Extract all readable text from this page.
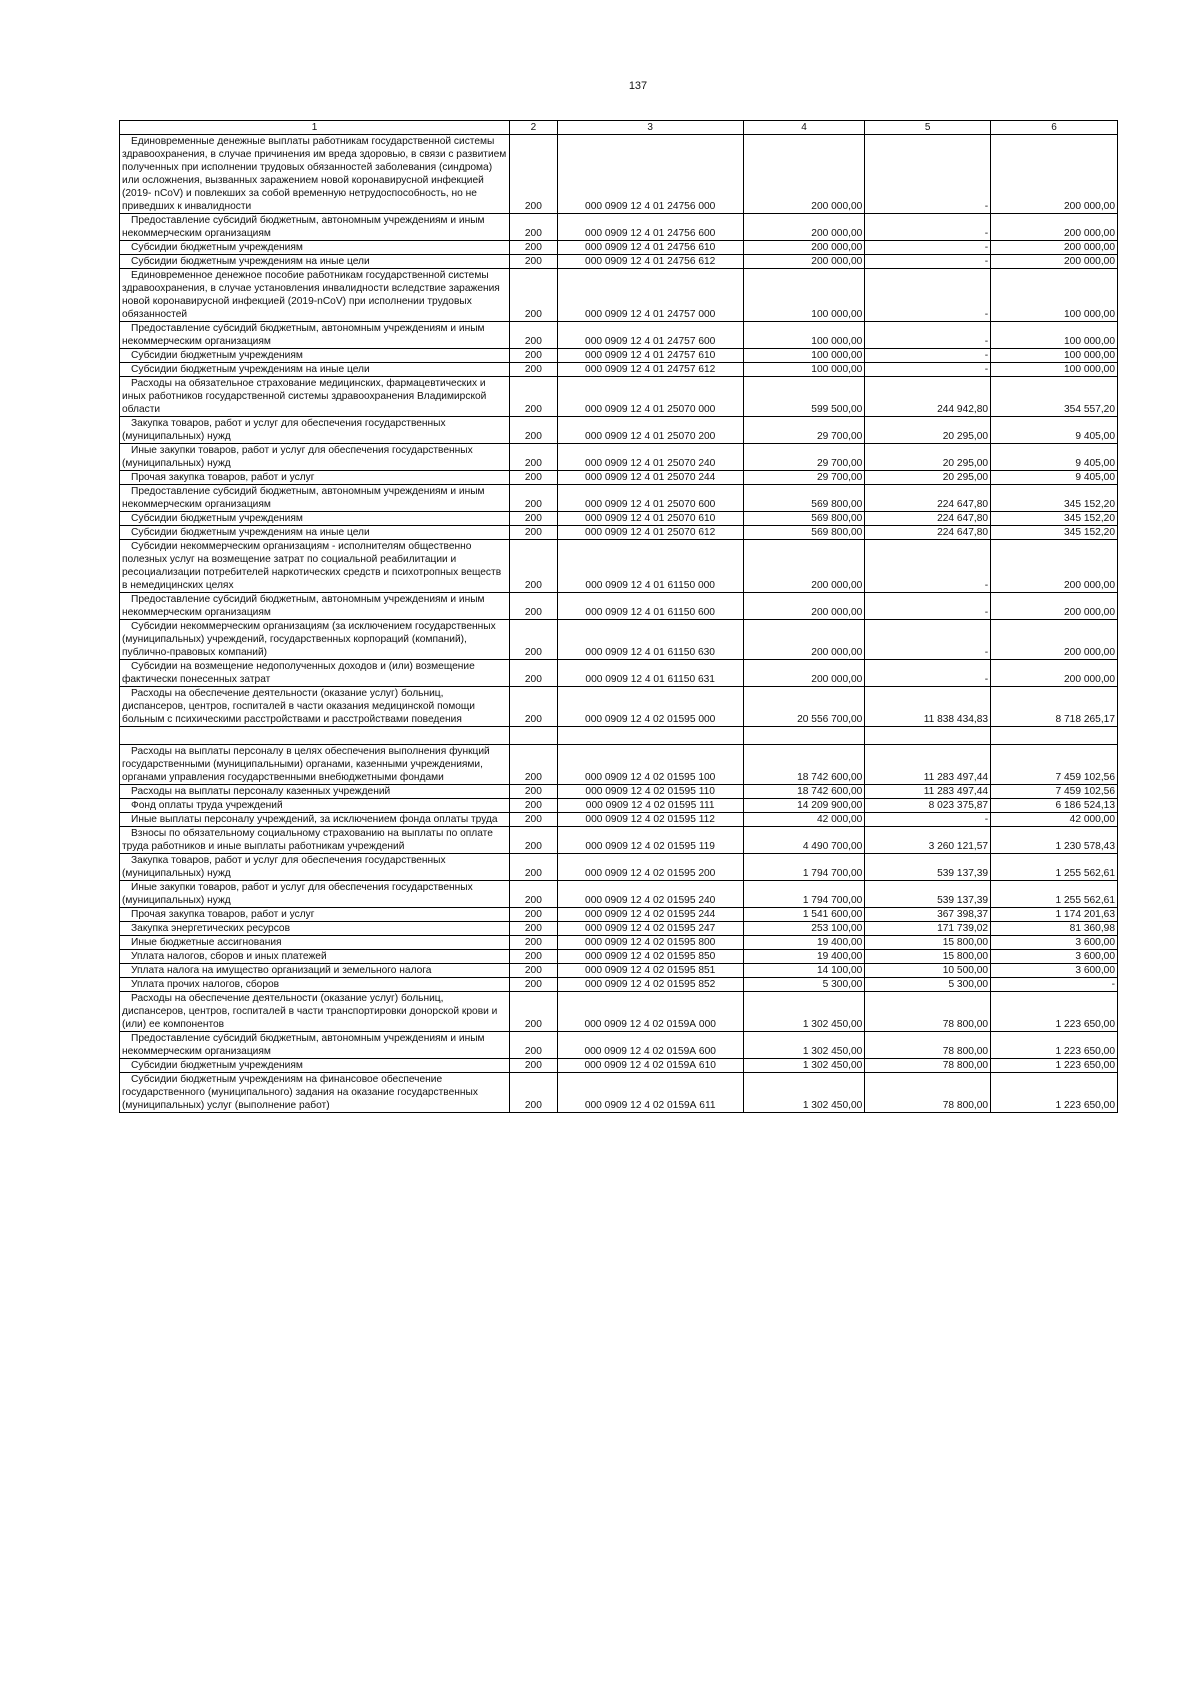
137
1	2	3	4	5	6
Единовременные денежные выплаты работникам государственной системы здравоохранения, в случае причинения им вреда здоровью, в связи с развитием полученных при исполнении трудовых обязанностей заболевания (синдрома) или осложнения, вызванных заражением новой коронавирусной инфекцией (2019- nCoV) и повлекших за собой временную нетрудоспособность, но не приведших к инвалидности	200	000 0909 12 4 01 24756 000	200 000,00	-	200 000,00
Предоставление субсидий бюджетным, автономным учреждениям и иным некоммерческим организациям	200	000 0909 12 4 01 24756 600	200 000,00	-	200 000,00
Субсидии бюджетным учреждениям	200	000 0909 12 4 01 24756 610	200 000,00	-	200 000,00
Субсидии бюджетным учреждениям на иные цели	200	000 0909 12 4 01 24756 612	200 000,00	-	200 000,00
Единовременное денежное пособие работникам государственной системы здравоохранения, в случае установления инвалидности вследствие заражения новой коронавирусной инфекцией (2019-nCoV) при исполнении трудовых обязанностей	200	000 0909 12 4 01 24757 000	100 000,00	-	100 000,00
Предоставление субсидий бюджетным, автономным учреждениям и иным некоммерческим организациям	200	000 0909 12 4 01 24757 600	100 000,00	-	100 000,00
Субсидии бюджетным учреждениям	200	000 0909 12 4 01 24757 610	100 000,00	-	100 000,00
Субсидии бюджетным учреждениям на иные цели	200	000 0909 12 4 01 24757 612	100 000,00	-	100 000,00
Расходы на обязательное страхование медицинских, фармацевтических и иных работников государственной системы здравоохранения Владимирской области	200	000 0909 12 4 01 25070 000	599 500,00	244 942,80	354 557,20
Закупка товаров, работ и услуг для обеспечения государственных (муниципальных) нужд	200	000 0909 12 4 01 25070 200	29 700,00	20 295,00	9 405,00
Иные закупки товаров, работ и услуг для обеспечения государственных (муниципальных) нужд	200	000 0909 12 4 01 25070 240	29 700,00	20 295,00	9 405,00
Прочая закупка товаров, работ и услуг	200	000 0909 12 4 01 25070 244	29 700,00	20 295,00	9 405,00
Предоставление субсидий бюджетным, автономным учреждениям и иным некоммерческим организациям	200	000 0909 12 4 01 25070 600	569 800,00	224 647,80	345 152,20
Субсидии бюджетным учреждениям	200	000 0909 12 4 01 25070 610	569 800,00	224 647,80	345 152,20
Субсидии бюджетным учреждениям на иные цели	200	000 0909 12 4 01 25070 612	569 800,00	224 647,80	345 152,20
Субсидии некоммерческим организациям - исполнителям общественно полезных услуг на возмещение затрат по социальной реабилитации и ресоциализации потребителей наркотических средств и психотропных веществ в немедицинских целях	200	000 0909 12 4 01 61150 000	200 000,00	-	200 000,00
Предоставление субсидий бюджетным, автономным учреждениям и иным некоммерческим организациям	200	000 0909 12 4 01 61150 600	200 000,00	-	200 000,00
Субсидии некоммерческим организациям (за исключением государственных (муниципальных) учреждений, государственных корпораций (компаний), публично-правовых компаний)	200	000 0909 12 4 01 61150 630	200 000,00	-	200 000,00
Субсидии на возмещение недополученных доходов и (или) возмещение фактически понесенных затрат	200	000 0909 12 4 01 61150 631	200 000,00	-	200 000,00
Расходы на обеспечение деятельности (оказание услуг) больниц, диспансеров, центров, госпиталей в части оказания медицинской помощи больным с психическими расстройствами и расстройствами поведения	200	000 0909 12 4 02 01595 000	20 556 700,00	11 838 434,83	8 718 265,17

Расходы на выплаты персоналу в целях обеспечения выполнения функций государственными (муниципальными) органами, казенными учреждениями, органами управления государственными внебюджетными фондами	200	000 0909 12 4 02 01595 100	18 742 600,00	11 283 497,44	7 459 102,56
Расходы на выплаты персоналу казенных учреждений	200	000 0909 12 4 02 01595 110	18 742 600,00	11 283 497,44	7 459 102,56
Фонд оплаты труда учреждений	200	000 0909 12 4 02 01595 111	14 209 900,00	8 023 375,87	6 186 524,13
Иные выплаты персоналу учреждений, за исключением фонда оплаты труда	200	000 0909 12 4 02 01595 112	42 000,00	-	42 000,00
Взносы по обязательному социальному страхованию на выплаты по оплате труда работников и иные выплаты работникам учреждений	200	000 0909 12 4 02 01595 119	4 490 700,00	3 260 121,57	1 230 578,43
Закупка товаров, работ и услуг для обеспечения государственных (муниципальных) нужд	200	000 0909 12 4 02 01595 200	1 794 700,00	539 137,39	1 255 562,61
Иные закупки товаров, работ и услуг для обеспечения государственных (муниципальных) нужд	200	000 0909 12 4 02 01595 240	1 794 700,00	539 137,39	1 255 562,61
Прочая закупка товаров, работ и услуг	200	000 0909 12 4 02 01595 244	1 541 600,00	367 398,37	1 174 201,63
Закупка энергетических ресурсов	200	000 0909 12 4 02 01595 247	253 100,00	171 739,02	81 360,98
Иные бюджетные ассигнования	200	000 0909 12 4 02 01595 800	19 400,00	15 800,00	3 600,00
Уплата налогов, сборов и иных платежей	200	000 0909 12 4 02 01595 850	19 400,00	15 800,00	3 600,00
Уплата налога на имущество организаций и земельного налога	200	000 0909 12 4 02 01595 851	14 100,00	10 500,00	3 600,00
Уплата прочих налогов, сборов	200	000 0909 12 4 02 01595 852	5 300,00	5 300,00	-
Расходы на обеспечение деятельности (оказание услуг) больниц, диспансеров, центров, госпиталей в части транспортировки донорской крови и (или) ее компонентов	200	000 0909 12 4 02 0159А 000	1 302 450,00	78 800,00	1 223 650,00
Предоставление субсидий бюджетным, автономным учреждениям и иным некоммерческим организациям	200	000 0909 12 4 02 0159А 600	1 302 450,00	78 800,00	1 223 650,00
Субсидии бюджетным учреждениям	200	000 0909 12 4 02 0159А 610	1 302 450,00	78 800,00	1 223 650,00
Субсидии бюджетным учреждениям на финансовое обеспечение государственного (муниципального) задания на оказание государственных (муниципальных) услуг (выполнение работ)	200	000 0909 12 4 02 0159А 611	1 302 450,00	78 800,00	1 223 650,00
